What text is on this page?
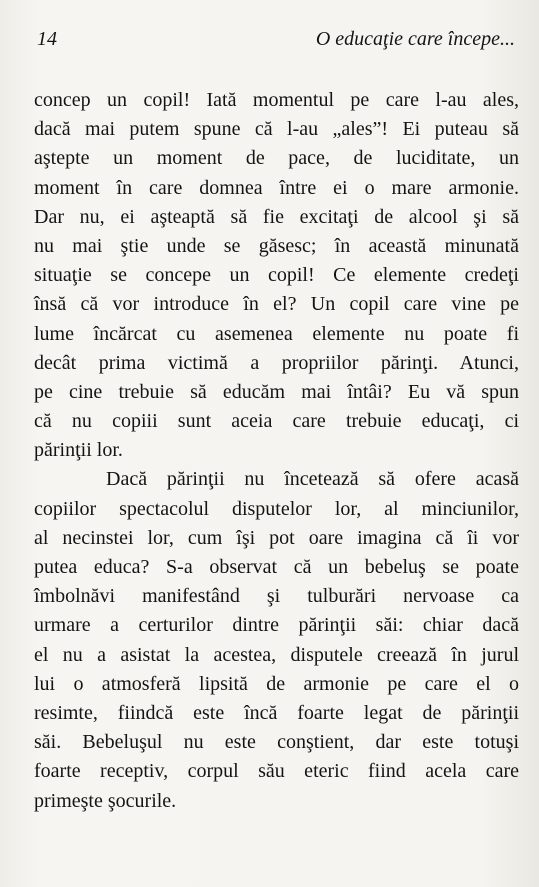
14	O educaţie care începe...
concep un copil! Iată momentul pe care l-au ales,
dacă mai putem spune că l-au „ales”! Ei puteau să
aştepte un moment de pace, de luciditate, un
moment în care domnea între ei o mare armonie.
Dar nu, ei aşteaptă să fie excitaţi de alcool şi să
nu mai ştie unde se găsesc; în această minunată
situaţie se concepe un copil! Ce elemente credeţi
însă că vor introduce în el? Un copil care vine pe
lume încărcat cu asemenea elemente nu poate fi
decât prima victimă a propriilor părinţi. Atunci,
pe cine trebuie să educăm mai întâi? Eu vă spun
că nu copiii sunt aceia care trebuie educaţi, ci
părinţii lor.
Dacă părinţii nu încetează să ofere acasă
copiilor spectacolul disputelor lor, al minciunilor,
al necinstei lor, cum îşi pot oare imagina că îi vor
putea educa? S-a observat că un bebeluş se poate
îmbolnăvi manifestând şi tulburări nervoase ca
urmare a certurilor dintre părinţii săi: chiar dacă
el nu a asistat la acestea, disputele creează în jurul
lui o atmosferă lipsită de armonie pe care el o
resimte, fiindcă este încă foarte legat de părinţii
săi. Bebeluşul nu este conştient, dar este totuşi
foarte receptiv, corpul său eteric fiind acela care
primeşte şocurile.
